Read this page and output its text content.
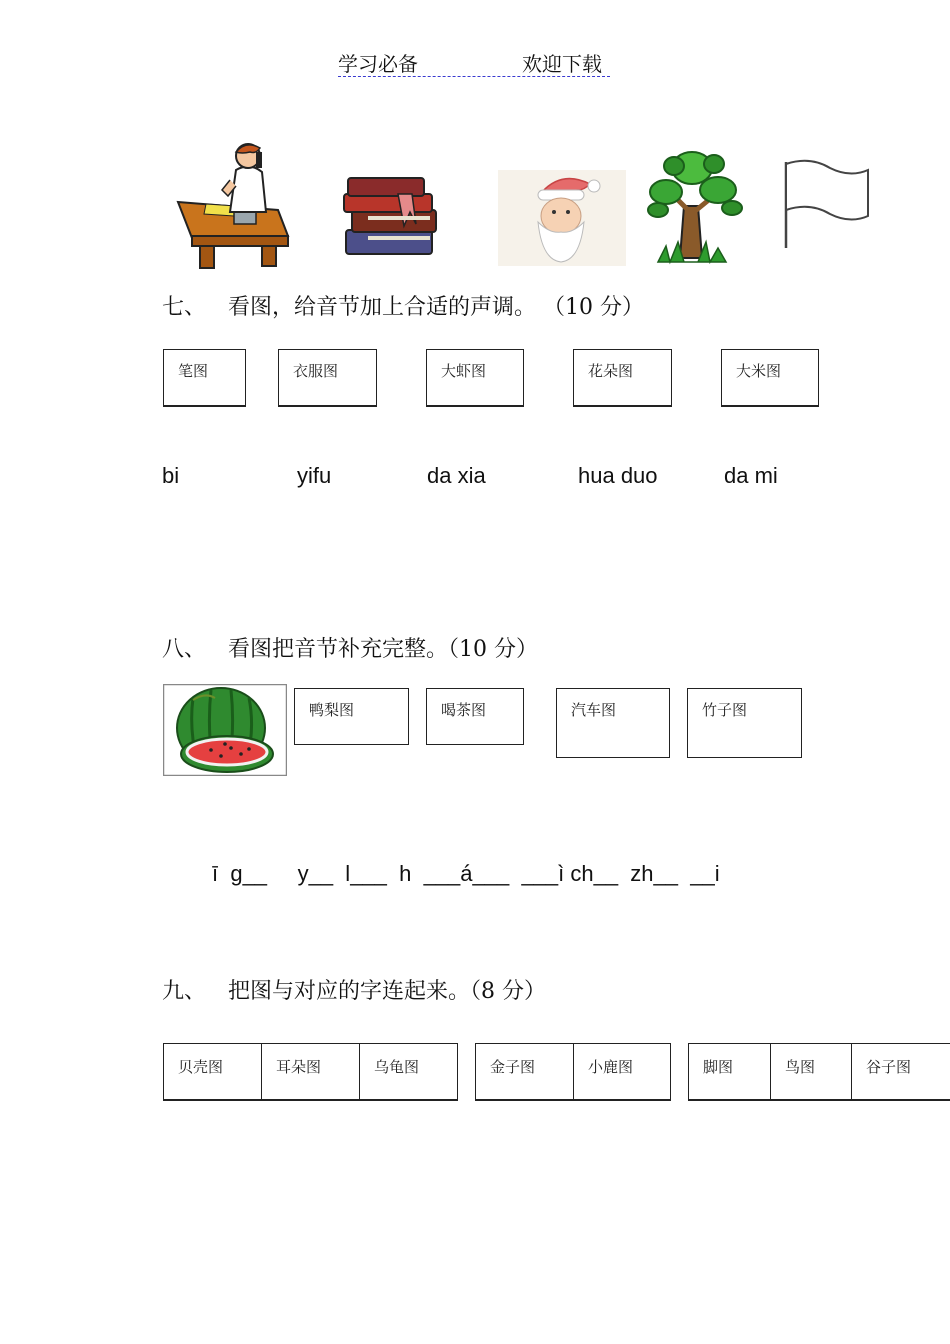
学习必备	欢迎下载
七、 看图，给音节加上合适的声调。 （10 分）
笔图	衣服图	大虾图	花朵图	大米图
bi	yifu	da xia	hua duo	da mi
八、 看图把音节补充完整。（10 分）
鸭梨图	喝茶图	汽车图	竹子图
ī  g__     y__  l___  h  ___á___  ___ì ch__  zh__  __i
九、 把图与对应的字连起来。（8 分）
贝壳图	耳朵图	乌龟图	金子图	小鹿图	脚图	鸟图	谷子图
